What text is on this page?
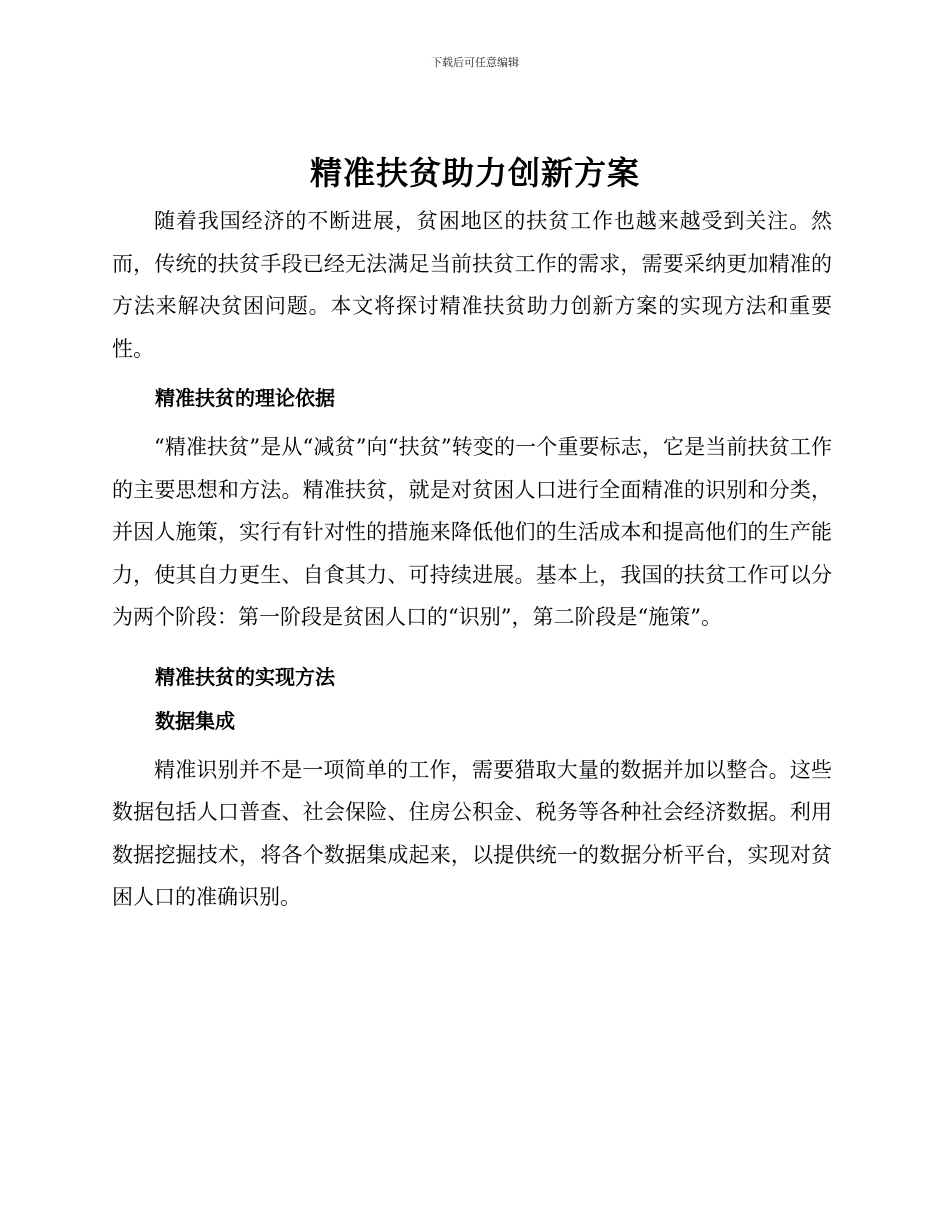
下载后可任意编辑
精准扶贫助力创新方案

随着我国经济的不断进展，贫困地区的扶贫工作也越来越受到关注。然而，传统的扶贫手段已经无法满足当前扶贫工作的需求，需要采纳更加精准的方法来解决贫困问题。本文将探讨精准扶贫助力创新方案的实现方法和重要性。

精准扶贫的理论依据

“精准扶贫”是从“减贫”向“扶贫”转变的一个重要标志，它是当前扶贫工作的主要思想和方法。精准扶贫，就是对贫困人口进行全面精准的识别和分类，并因人施策，实行有针对性的措施来降低他们的生活成本和提高他们的生产能力，使其自力更生、自食其力、可持续进展。基本上，我国的扶贫工作可以分为两个阶段：第一阶段是贫困人口的“识别”，第二阶段是“施策”。

精准扶贫的实现方法
数据集成

精准识别并不是一项简单的工作，需要猎取大量的数据并加以整合。这些数据包括人口普查、社会保险、住房公积金、税务等各种社会经济数据。利用数据挖掘技术，将各个数据集成起来，以提供统一的数据分析平台，实现对贫困人口的准确识别。
